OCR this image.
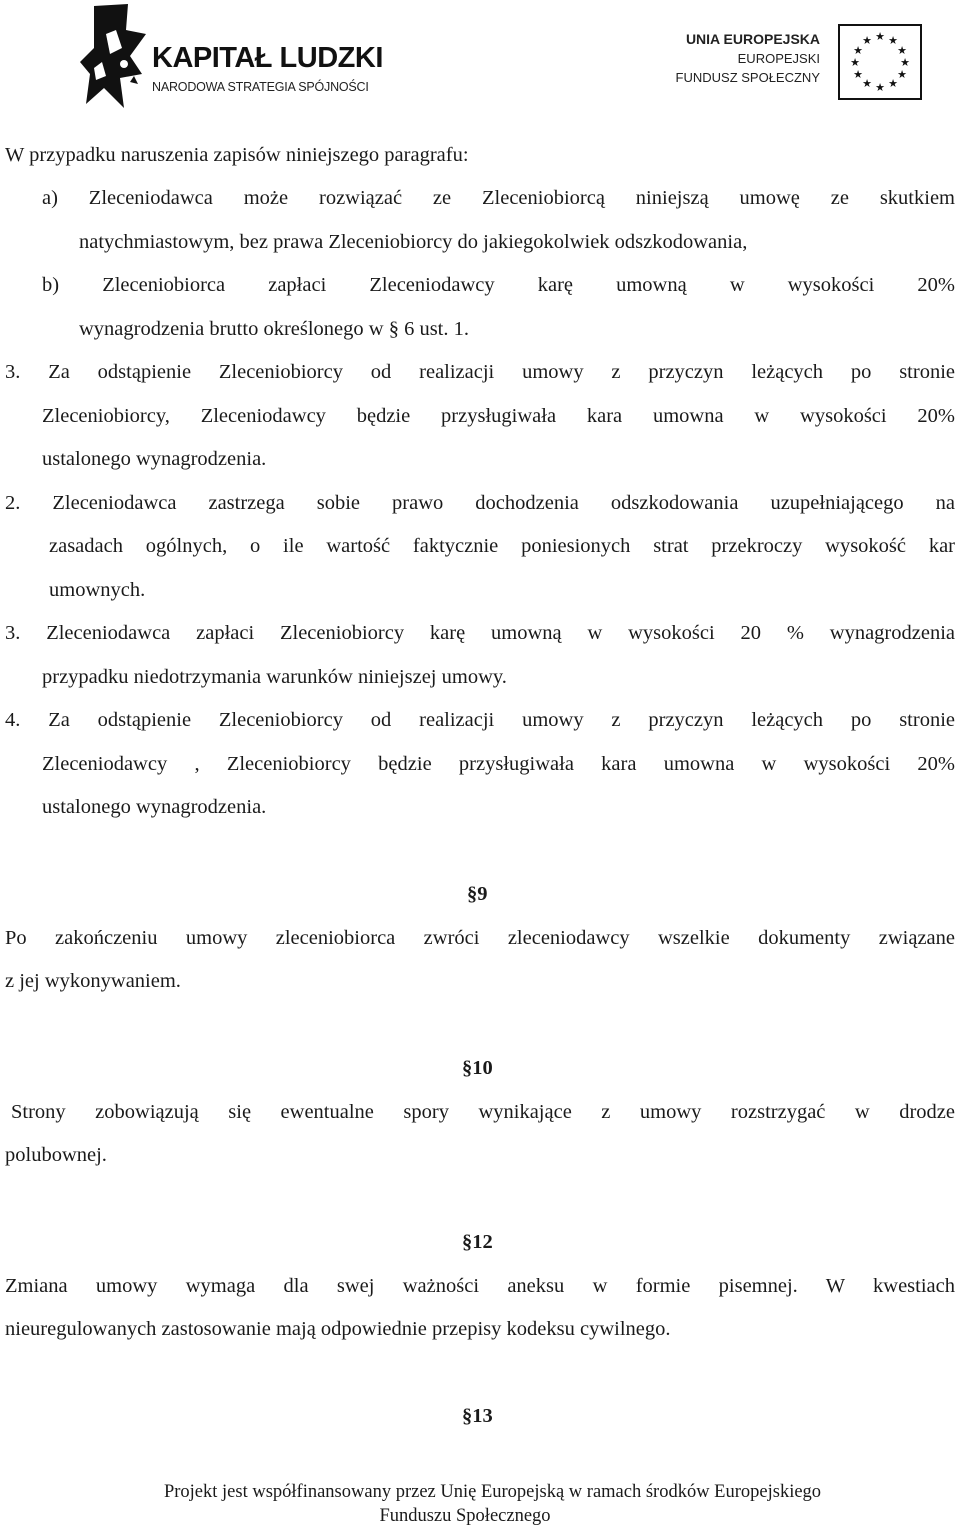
KAPITAŁ LUDZKI
NARODOWA STRATEGIA SPÓJNOŚCI
UNIA EUROPEJSKA
EUROPEJSKI
FUNDUSZ SPOŁECZNY
★ ★
★
★
★
★
★
★
★
★
★
★

W przypadku naruszenia zapisów niniejszego paragrafu:

a) Zleceniodawca może rozwiązać ze Zleceniobiorcą niniejszą umowę ze skutkiem

natychmiastowym, bez prawa Zleceniobiorcy do jakiegokolwiek odszkodowania,

b) Zleceniobiorca zapłaci Zleceniodawcy karę umowną w wysokości 20%

wynagrodzenia brutto określonego w § 6 ust. 1.

3. Za odstąpienie Zleceniobiorcy od realizacji umowy z przyczyn leżących po stronie

Zleceniobiorcy, Zleceniodawcy będzie przysługiwała kara umowna w wysokości 20%

ustalonego wynagrodzenia.

2. Zleceniodawca zastrzega sobie prawo dochodzenia odszkodowania uzupełniającego na

zasadach ogólnych, o ile wartość faktycznie poniesionych strat przekroczy wysokość kar

umownych.

3. Zleceniodawca zapłaci Zleceniobiorcy karę umowną w wysokości 20 % wynagrodzenia

przypadku niedotrzymania warunków niniejszej umowy.

4. Za odstąpienie Zleceniobiorcy od realizacji umowy z przyczyn leżących po stronie

Zleceniodawcy , Zleceniobiorcy będzie przysługiwała kara umowna w wysokości 20%

ustalonego wynagrodzenia.

§9

Po zakończeniu umowy zleceniobiorca zwróci zleceniodawcy wszelkie dokumenty związane

z jej wykonywaniem.

§10

Strony zobowiązują się ewentualne spory wynikające z umowy rozstrzygać w drodze

polubownej.

§12

Zmiana umowy wymaga dla swej ważności aneksu w formie pisemnej. W kwestiach

nieuregulowanych zastosowanie mają odpowiednie przepisy kodeksu cywilnego.

§13
Projekt jest współfinansowany przez Unię Europejską w ramach środków Europejskiego
Funduszu Społecznego
